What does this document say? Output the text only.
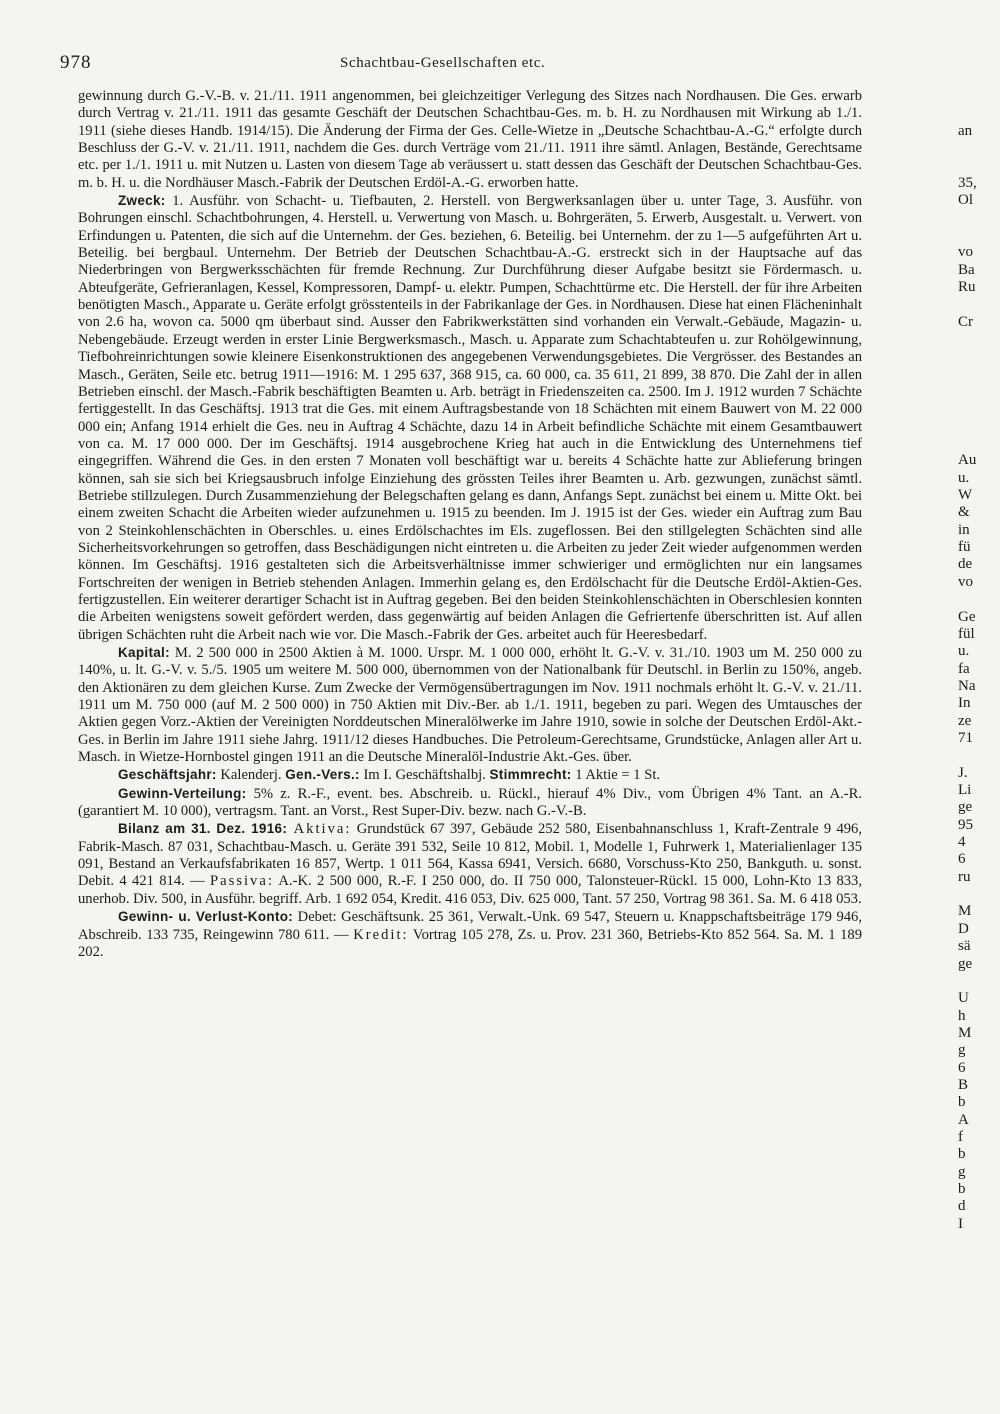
978	Schachtbau-Gesellschaften etc.

gewinnung durch G.-V.-B. v. 21./11. 1911 angenommen, bei gleichzeitiger Verlegung des Sitzes nach Nordhausen. Die Ges. erwarb durch Vertrag v. 21./11. 1911 das gesamte Geschäft der Deutschen Schachtbau-Ges. m. b. H. zu Nordhausen mit Wirkung ab 1./1. 1911 (siehe dieses Handb. 1914/15). Die Änderung der Firma der Ges. Celle-Wietze in „Deutsche Schachtbau-A.-G.“ erfolgte durch Beschluss der G.-V. v. 21./11. 1911, nachdem die Ges. durch Verträge vom 21./11. 1911 ihre sämtl. Anlagen, Bestände, Gerechtsame etc. per 1./1. 1911 u. mit Nutzen u. Lasten von diesem Tage ab veräussert u. statt dessen das Geschäft der Deutschen Schachtbau-Ges. m. b. H. u. die Nordhäuser Masch.-Fabrik der Deutschen Erdöl-A.-G. erworben hatte.

Zweck: 1. Ausführ. von Schacht- u. Tiefbauten, 2. Herstell. von Bergwerksanlagen über u. unter Tage, 3. Ausführ. von Bohrungen einschl. Schachtbohrungen, 4. Herstell. u. Verwertung von Masch. u. Bohrgeräten, 5. Erwerb, Ausgestalt. u. Verwert. von Erfindungen u. Patenten, die sich auf die Unternehm. der Ges. beziehen, 6. Beteilig. bei Unternehm. der zu 1—5 aufgeführten Art u. Beteilig. bei bergbaul. Unternehm. Der Betrieb der Deutschen Schachtbau-A.-G. erstreckt sich in der Hauptsache auf das Niederbringen von Bergwerksschächten für fremde Rechnung. Zur Durchführung dieser Aufgabe besitzt sie Fördermasch. u. Abteufgeräte, Gefrieranlagen, Kessel, Kompressoren, Dampf- u. elektr. Pumpen, Schachttürme etc. Die Herstell. der für ihre Arbeiten benötigten Masch., Apparate u. Geräte erfolgt grösstenteils in der Fabrikanlage der Ges. in Nordhausen. Diese hat einen Flächeninhalt von 2.6 ha, wovon ca. 5000 qm überbaut sind. Ausser den Fabrikwerkstätten sind vorhanden ein Verwalt.-Gebäude, Magazin- u. Nebengebäude. Erzeugt werden in erster Linie Bergwerksmasch., Masch. u. Apparate zum Schachtabteufen u. zur Rohölgewinnung, Tiefbohreinrichtungen sowie kleinere Eisenkonstruktionen des angegebenen Verwendungsgebietes. Die Vergrösser. des Bestandes an Masch., Geräten, Seile etc. betrug 1911—1916: M. 1 295 637, 368 915, ca. 60 000, ca. 35 611, 21 899, 38 870. Die Zahl der in allen Betrieben einschl. der Masch.-Fabrik beschäftigten Beamten u. Arb. beträgt in Friedenszeiten ca. 2500. Im J. 1912 wurden 7 Schächte fertiggestellt. In das Geschäftsj. 1913 trat die Ges. mit einem Auftragsbestande von 18 Schächten mit einem Bauwert von M. 22 000 000 ein; Anfang 1914 erhielt die Ges. neu in Auftrag 4 Schächte, dazu 14 in Arbeit befindliche Schächte mit einem Gesamtbauwert von ca. M. 17 000 000. Der im Geschäftsj. 1914 ausgebrochene Krieg hat auch in die Entwicklung des Unternehmens tief eingegriffen. Während die Ges. in den ersten 7 Monaten voll beschäftigt war u. bereits 4 Schächte hatte zur Ablieferung bringen können, sah sie sich bei Kriegsausbruch infolge Einziehung des grössten Teiles ihrer Beamten u. Arb. gezwungen, zunächst sämtl. Betriebe stillzulegen. Durch Zusammenziehung der Belegschaften gelang es dann, Anfangs Sept. zunächst bei einem u. Mitte Okt. bei einem zweiten Schacht die Arbeiten wieder aufzunehmen u. 1915 zu beenden. Im J. 1915 ist der Ges. wieder ein Auftrag zum Bau von 2 Steinkohlenschächten in Oberschles. u. eines Erdölschachtes im Els. zugeflossen. Bei den stillgelegten Schächten sind alle Sicherheitsvorkehrungen so getroffen, dass Beschädigungen nicht eintreten u. die Arbeiten zu jeder Zeit wieder aufgenommen werden können. Im Geschäftsj. 1916 gestalteten sich die Arbeitsverhältnisse immer schwieriger und ermöglichten nur ein langsames Fortschreiten der wenigen in Betrieb stehenden Anlagen. Immerhin gelang es, den Erdölschacht für die Deutsche Erdöl-Aktien-Ges. fertigzustellen. Ein weiterer derartiger Schacht ist in Auftrag gegeben. Bei den beiden Steinkohlenschächten in Oberschlesien konnten die Arbeiten wenigstens soweit gefördert werden, dass gegenwärtig auf beiden Anlagen die Gefriertenfe überschritten ist. Auf allen übrigen Schächten ruht die Arbeit nach wie vor. Die Masch.-Fabrik der Ges. arbeitet auch für Heeresbedarf.

Kapital: M. 2 500 000 in 2500 Aktien à M. 1000. Urspr. M. 1 000 000, erhöht lt. G.-V. v. 31./10. 1903 um M. 250 000 zu 140%, u. lt. G.-V. v. 5./5. 1905 um weitere M. 500 000, übernommen von der Nationalbank für Deutschl. in Berlin zu 150%, angeb. den Aktionären zu dem gleichen Kurse. Zum Zwecke der Vermögensübertragungen im Nov. 1911 nochmals erhöht lt. G.-V. v. 21./11. 1911 um M. 750 000 (auf M. 2 500 000) in 750 Aktien mit Div.-Ber. ab 1./1. 1911, begeben zu pari. Wegen des Umtausches der Aktien gegen Vorz.-Aktien der Vereinigten Norddeutschen Mineralölwerke im Jahre 1910, sowie in solche der Deutschen Erdöl-Akt.-Ges. in Berlin im Jahre 1911 siehe Jahrg. 1911/12 dieses Handbuches. Die Petroleum-Gerechtsame, Grundstücke, Anlagen aller Art u. Masch. in Wietze-Hornbostel gingen 1911 an die Deutsche Mineralöl-Industrie Akt.-Ges. über.

Geschäftsjahr: Kalenderj. Gen.-Vers.: Im I. Geschäftshalbj. Stimmrecht: 1 Aktie = 1 St.

Gewinn-Verteilung: 5% z. R.-F., event. bes. Abschreib. u. Rückl., hierauf 4% Div., vom Übrigen 4% Tant. an A.-R. (garantiert M. 10 000), vertragsm. Tant. an Vorst., Rest Super-Div. bezw. nach G.-V.-B.

Bilanz am 31. Dez. 1916: Aktiva: Grundstück 67 397, Gebäude 252 580, Eisenbahnanschluss 1, Kraft-Zentrale 9 496, Fabrik-Masch. 87 031, Schachtbau-Masch. u. Geräte 391 532, Seile 10 812, Mobil. 1, Modelle 1, Fuhrwerk 1, Materialienlager 135 091, Bestand an Verkaufsfabrikaten 16 857, Wertp. 1 011 564, Kassa 6941, Versich. 6680, Vorschuss-Kto 250, Bankguth. u. sonst. Debit. 4 421 814. — Passiva: A.-K. 2 500 000, R.-F. I 250 000, do. II 750 000, Talonsteuer-Rückl. 15 000, Lohn-Kto 13 833, unerhob. Div. 500, in Ausführ. begriff. Arb. 1 692 054, Kredit. 416 053, Div. 625 000, Tant. 57 250, Vortrag 98 361. Sa. M. 6 418 053.

Gewinn- u. Verlust-Konto: Debet: Geschäftsunk. 25 361, Verwalt.-Unk. 69 547, Steuern u. Knappschaftsbeiträge 179 946, Abschreib. 133 735, Reingewinn 780 611. — Kredit: Vortrag 105 278, Zs. u. Prov. 231 360, Betriebs-Kto 852 564. Sa. M. 1 189 202.

an
35,
Ol
vo
Ba
Ru
Cr
Au
u.
W
&
in
fü
de
vo
Ge
fül
u.
fa
Na
In
ze
71
J.
Li
ge
95
4
6
ru
M
D
sä
ge
U
h
M
g
6
B
b
A
f
b
g
b
d
I
